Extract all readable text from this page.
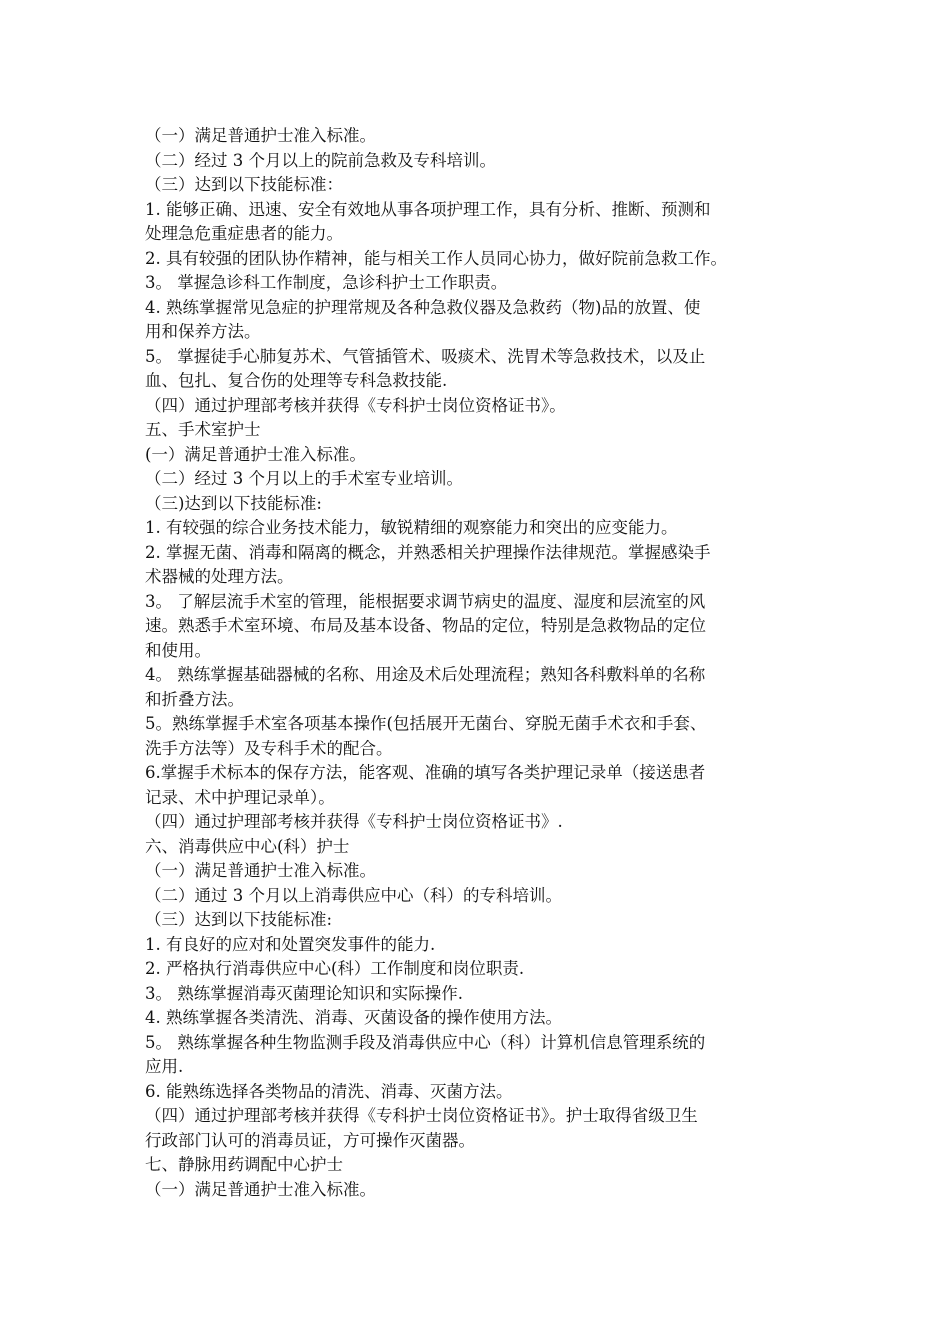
（一）满足普通护士准入标准。
（二）经过 3 个月以上的院前急救及专科培训。
（三）达到以下技能标准：
1. 能够正确、迅速、安全有效地从事各项护理工作，具有分析、推断、预测和
处理急危重症患者的能力。
2. 具有较强的团队协作精神，能与相关工作人员同心协力，做好院前急救工作。
3。 掌握急诊科工作制度，急诊科护士工作职责。
4. 熟练掌握常见急症的护理常规及各种急救仪器及急救药（物)品的放置、使
用和保养方法。
5。 掌握徒手心肺复苏术、气管插管术、吸痰术、洗胃术等急救技术，以及止
血、包扎、复合伤的处理等专科急救技能.
（四）通过护理部考核并获得《专科护士岗位资格证书》。
五、手术室护士
(一）满足普通护士准入标准。
（二）经过 3 个月以上的手术室专业培训。
（三)达到以下技能标准:
1. 有较强的综合业务技术能力，敏锐精细的观察能力和突出的应变能力。
2. 掌握无菌、消毒和隔离的概念，并熟悉相关护理操作法律规范。掌握感染手
术器械的处理方法。
3。 了解层流手术室的管理，能根据要求调节病史的温度、湿度和层流室的风
速。熟悉手术室环境、布局及基本设备、物品的定位，特别是急救物品的定位
和使用。
4。 熟练掌握基础器械的名称、用途及术后处理流程；熟知各科敷料单的名称
和折叠方法。
5。熟练掌握手术室各项基本操作(包括展开无菌台、穿脱无菌手术衣和手套、
洗手方法等）及专科手术的配合。
6.掌握手术标本的保存方法，能客观、准确的填写各类护理记录单（接送患者
记录、术中护理记录单）。
（四）通过护理部考核并获得《专科护士岗位资格证书》.
六、消毒供应中心(科）护士
（一）满足普通护士准入标准。
（二）通过 3 个月以上消毒供应中心（科）的专科培训。
（三）达到以下技能标准:
1. 有良好的应对和处置突发事件的能力.
2. 严格执行消毒供应中心(科）工作制度和岗位职责.
3。 熟练掌握消毒灭菌理论知识和实际操作.
4. 熟练掌握各类清洗、消毒、灭菌设备的操作使用方法。
5。 熟练掌握各种生物监测手段及消毒供应中心（科）计算机信息管理系统的
应用.
6. 能熟练选择各类物品的清洗、消毒、灭菌方法。
（四）通过护理部考核并获得《专科护士岗位资格证书》。护士取得省级卫生
行政部门认可的消毒员证，方可操作灭菌器。
七、静脉用药调配中心护士
（一）满足普通护士准入标准。
